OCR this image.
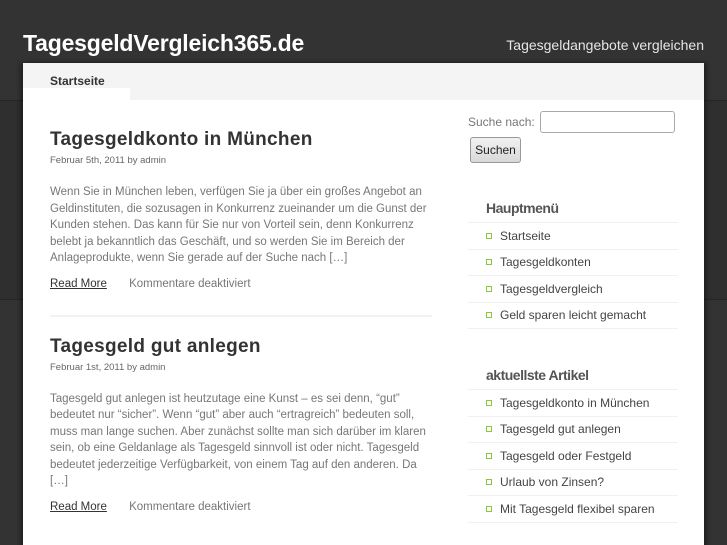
TagesgeldVergleich365.de	Tagesgeldangebote vergleichen
Startseite
Tagesgeldkonto in München
Februar 5th, 2011 by admin

Wenn Sie in München leben, verfügen Sie ja über ein großes Angebot an Geldinstituten, die sozusagen in Konkurrenz zueinander um die Gunst der Kunden stehen. Das kann für Sie nur von Vorteil sein, denn Konkurrenz belebt ja bekanntlich das Geschäft, und so werden Sie im Bereich der Anlageprodukte, wenn Sie gerade auf der Suche nach […]

Read More Kommentare deaktiviert
Tagesgeld gut anlegen
Februar 1st, 2011 by admin

Tagesgeld gut anlegen ist heutzutage eine Kunst – es sei denn, “gut” bedeutet nur “sicher”. Wenn “gut” aber auch “ertragreich” bedeuten soll, muss man lange suchen. Aber zunächst sollte man sich darüber im klaren sein, ob eine Geldanlage als Tagesgeld sinnvoll ist oder nicht. Tagesgeld bedeutet jederzeitige Verfügbarkeit, von einem Tag auf den anderen. Da […]

Read More Kommentare deaktiviert
Suche nach:
Suchen
Hauptmenü
Startseite
Tagesgeldkonten
Tagesgeldvergleich
Geld sparen leicht gemacht
aktuellste Artikel
Tagesgeldkonto in München
Tagesgeld gut anlegen
Tagesgeld oder Festgeld
Urlaub von Zinsen?
Mit Tagesgeld flexibel sparen
